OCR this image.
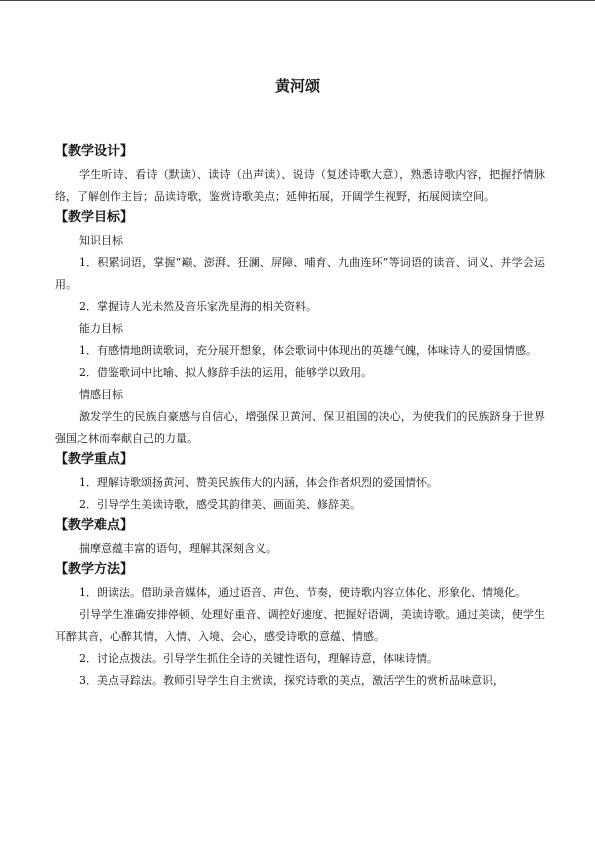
黄河颂
【教学设计】

学生听诗、看诗（默读）、读诗（出声读）、说诗（复述诗歌大意），熟悉诗歌内容，把握抒情脉络，了解创作主旨；品读诗歌，鉴赏诗歌美点；延伸拓展，开阔学生视野，拓展阅读空间。

【教学目标】
知识目标

1．积累词语，掌握“巅、澎湃、狂澜、屏障、哺育、九曲连环”等词语的读音、词义、并学会运用。

2．掌握诗人光未然及音乐家冼星海的相关资料。

能力目标

1．有感情地朗读歌词，充分展开想象，体会歌词中体现出的英雄气魄，体味诗人的爱国情感。

2．借鉴歌词中比喻、拟人修辞手法的运用，能够学以致用。

情感目标

激发学生的民族自豪感与自信心，增强保卫黄河、保卫祖国的决心，为使我们的民族跻身于世界强国之林而奉献自己的力量。

【教学重点】

1．理解诗歌颂扬黄河、赞美民族伟大的内涵，体会作者炽烈的爱国情怀。

2．引导学生美读诗歌，感受其韵律美、画面美、修辞美。

【教学难点】

揣摩意蕴丰富的语句，理解其深刻含义。

【教学方法】

1．朗读法。借助录音媒体，通过语音、声色、节奏，使诗歌内容立体化、形象化、情境化。

引导学生准确安排停顿、处理好重音、调控好速度、把握好语调，美读诗歌。通过美读，使学生耳醉其音，心醉其情，入情、入境、会心，感受诗歌的意蕴、情感。

2．讨论点拨法。引导学生抓住全诗的关键性语句，理解诗意，体味诗情。

3．美点寻踪法。教师引导学生自主赏读，探究诗歌的美点，激活学生的赏析品味意识，
